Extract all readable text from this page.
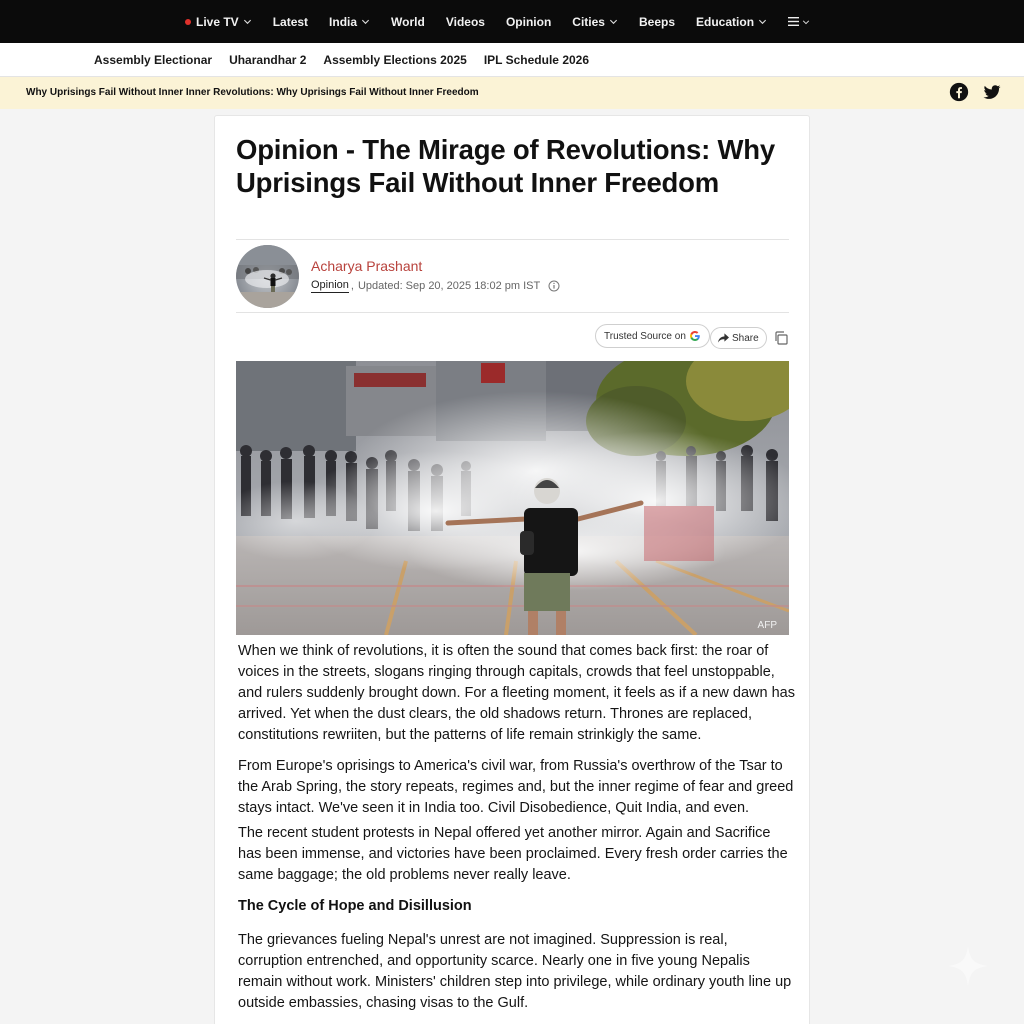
Live TV	Latest India	World Videos Opinion Cities	Beeps Education
Assembly Electionar Uharandhar 2 Assembly Elections 2025 IPL Schedule 2026
Why Uprisings Fail Without Inner Inner Revolutions: Why Uprisings Fail Without Inner Freedom
Opinion - The Mirage of Revolutions: Why Uprisings Fail Without Inner Freedom
Acharya Prashant
Opinion , Updated: Sep 20, 2025 18:02 pm IST
Trusted Source on	Share
AFP

When we think of revolutions, it is often the sound that comes back first: the roar of voices in the streets, slogans ringing through capitals, crowds that feel unstoppable, and rulers suddenly brought down. For a fleeting moment, it feels as if a new dawn has arrived. Yet when the dust clears, the old shadows return. Thrones are replaced, constitutions rewriiten, but the patterns of life remain strinkigly the same.

From Europe's oprisings to America's civil war, from Russia's overthrow of the Tsar to the Arab Spring, the story repeats, regimes and, but the inner regime of fear and greed stays intact. We've seen it in India too. Civil Disobedience, Quit India, and even.

The recent student protests in Nepal offered yet another mirror. Again and Sacrifice has been immense, and victories have been proclaimed. Every fresh order carries the same baggage; the old problems never really leave.

The Cycle of Hope and Disillusion

The grievances fueling Nepal's unrest are not imagined. Suppression is real, corruption entrenched, and opportunity scarce. Nearly one in five young Nepalis remain without work. Ministers' children step into privilege, while ordinary youth line up outside embassies, chasing visas to the Gulf.
